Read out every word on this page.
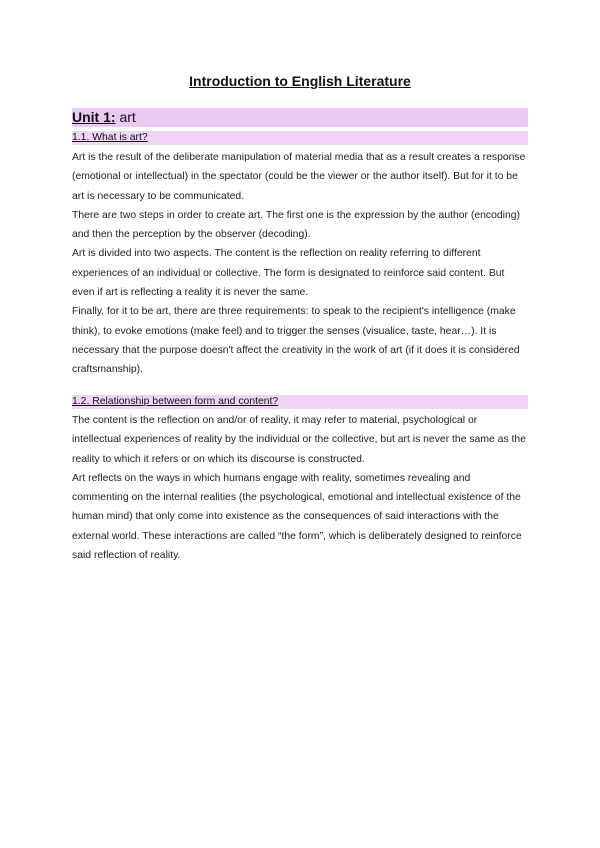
Introduction to English Literature
Unit 1: art
1.1. What is art?

Art is the result of the deliberate manipulation of material media that as a result creates a response (emotional or intellectual) in the spectator (could be the viewer or the author itself). But for it to be art is necessary to be communicated.

There are two steps in order to create art. The first one is the expression by the author (encoding) and then the perception by the observer (decoding).

Art is divided into two aspects. The content is the reflection on reality referring to different experiences of an individual or collective. The form is designated to reinforce said content. But even if art is reflecting a reality it is never the same.

Finally, for it to be art, there are three requirements: to speak to the recipient's intelligence (make think), to evoke emotions (make feel) and to trigger the senses (visualice, taste, hear…). It is necessary that the purpose doesn't affect the creativity in the work of art (if it does it is considered craftsmanship).

1.2. Relationship between form and content?

The content is the reflection on and/or of reality, it may refer to material, psychological or intellectual experiences of reality by the individual or the collective, but art is never the same as the reality to which it refers or on which its discourse is constructed.

Art reflects on the ways in which humans engage with reality, sometimes revealing and commenting on the internal realities (the psychological, emotional and intellectual existence of the human mind) that only come into existence as the consequences of said interactions with the external world. These interactions are called “the form”, which is deliberately designed to reinforce said reflection of reality.
